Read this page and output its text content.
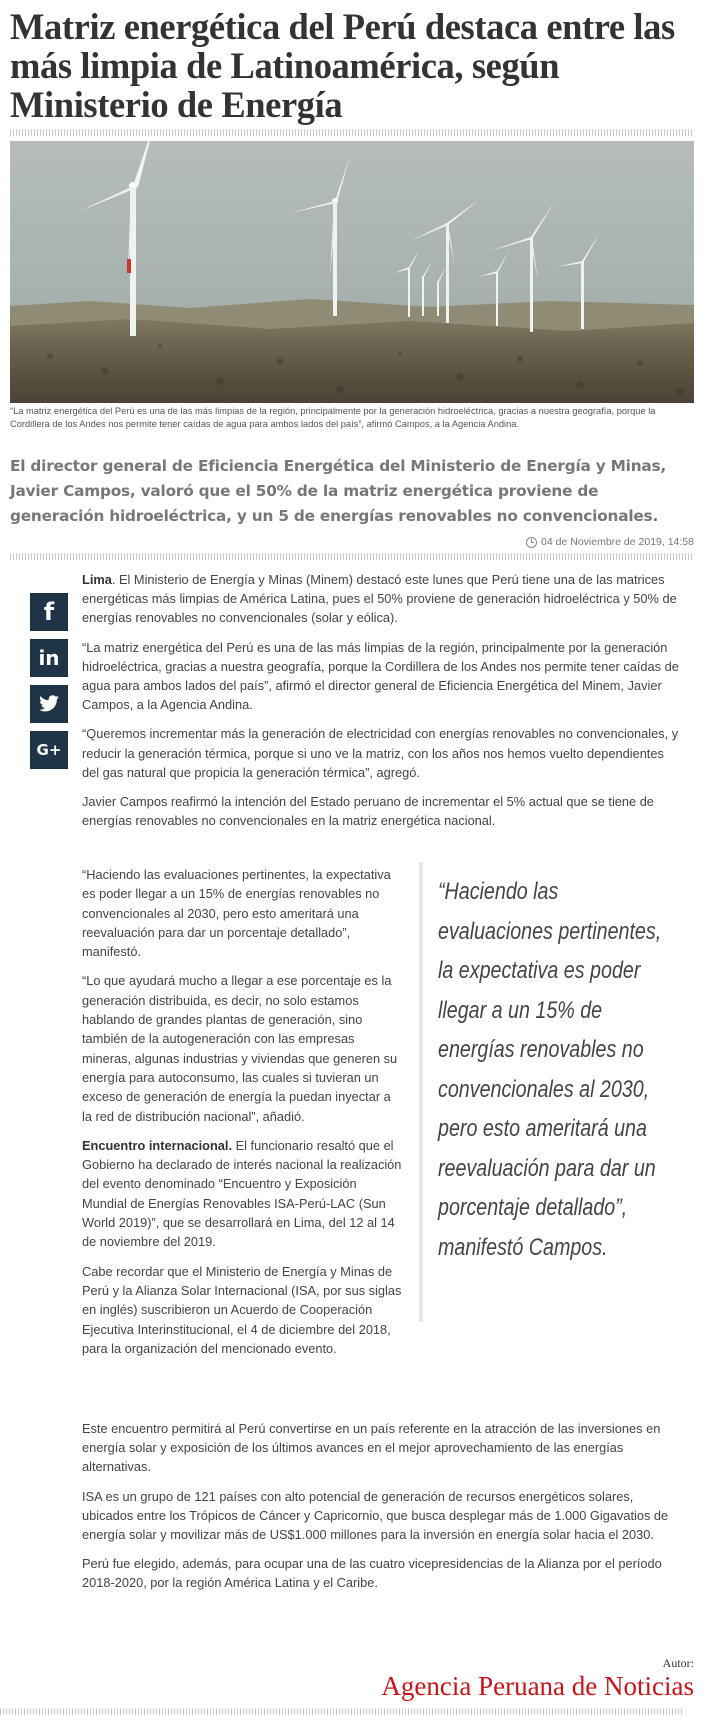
Matriz energética del Perú destaca entre las más limpia de Latinoamérica, según Ministerio de Energía
“La matriz energética del Perú es una de las más limpias de la región, principalmente por la generación hidroeléctrica, gracias a nuestra geografía, porque la Cordillera de los Andes nos permite tener caídas de agua para ambos lados del país”, afirmó Campos, a la Agencia Andina.
El director general de Eficiencia Energética del Ministerio de Energía y Minas, Javier Campos, valoró que el 50% de la matriz energética proviene de generación hidroeléctrica, y un 5 de energías renovables no convencionales.
04 de Noviembre de 2019, 14:58
f
in
G+

Lima. El Ministerio de Energía y Minas (Minem) destacó este lunes que Perú tiene una de las matrices energéticas más limpias de América Latina, pues el 50% proviene de generación hidroeléctrica y 50% de energías renovables no convencionales (solar y eólica).

“La matriz energética del Perú es una de las más limpias de la región, principalmente por la generación hidroeléctrica, gracias a nuestra geografía, porque la Cordillera de los Andes nos permite tener caídas de agua para ambos lados del país”, afirmó el director general de Eficiencia Energética del Minem, Javier Campos, a la Agencia Andina.

“Queremos incrementar más la generación de electricidad con energías renovables no convencionales, y reducir la generación térmica, porque si uno ve la matriz, con los años nos hemos vuelto dependientes del gas natural que propicia la generación térmica”, agregó.

Javier Campos reafirmó la intención del Estado peruano de incrementar el 5% actual que se tiene de energías renovables no convencionales en la matriz energética nacional.

“Haciendo las evaluaciones pertinentes, la expectativa es poder llegar a un 15% de energías renovables no convencionales al 2030, pero esto ameritará una reevaluación para dar un porcentaje detallado”, manifestó.

“Lo que ayudará mucho a llegar a ese porcentaje es la generación distribuida, es decir, no solo estamos hablando de grandes plantas de generación, sino también de la autogeneración con las empresas mineras, algunas industrias y viviendas que generen su energía para autoconsumo, las cuales si tuvieran un exceso de generación de energía la puedan inyectar a la red de distribución nacional”, añadió.

Encuentro internacional. El funcionario resaltó que el Gobierno ha declarado de interés nacional la realización del evento denominado “Encuentro y Exposición Mundial de Energías Renovables ISA-Perú-LAC (Sun World 2019)”, que se desarrollará en Lima, del 12 al 14 de noviembre del 2019.

Cabe recordar que el Ministerio de Energía y Minas de Perú y la Alianza Solar Internacional (ISA, por sus siglas en inglés) suscribieron un Acuerdo de Cooperación Ejecutiva Interinstitucional, el 4 de diciembre del 2018, para la organización del mencionado evento.

“Haciendo las evaluaciones pertinentes, la expectativa es poder llegar a un 15% de energías renovables no convencionales al 2030, pero esto ameritará una reevaluación para dar un porcentaje detallado”, manifestó Campos.

Este encuentro permitirá al Perú convertirse en un país referente en la atracción de las inversiones en energía solar y exposición de los últimos avances en el mejor aprovechamiento de las energías alternativas.

ISA es un grupo de 121 países con alto potencial de generación de recursos energéticos solares, ubicados entre los Trópicos de Cáncer y Capricornio, que busca desplegar más de 1.000 Gigavatios de energía solar y movilizar más de US$1.000 millones para la inversión en energía solar hacia el 2030.

Perú fue elegido, además, para ocupar una de las cuatro vicepresidencias de la Alianza por el período 2018-2020, por la región América Latina y el Caribe.

Autor:
Agencia Peruana de Noticias
